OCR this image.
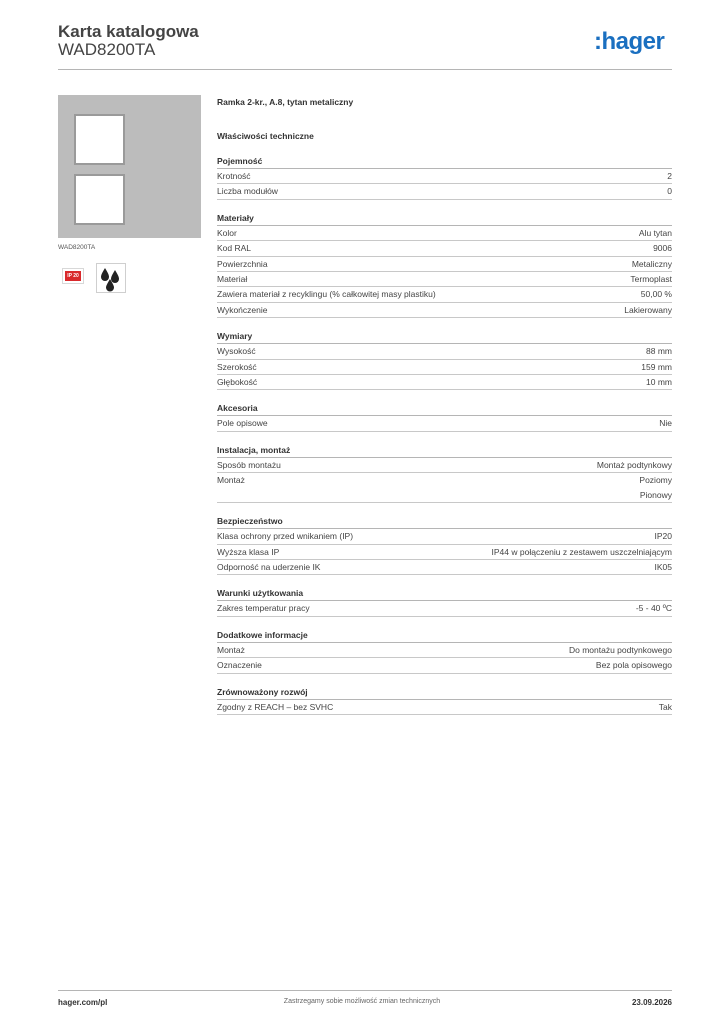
Karta katalogowa
WAD8200TA	:hager
WAD8200TA
IP 20
Ramka 2-kr., A.8, tytan metaliczny
Właściwości techniczne
Pojemność
Krotność	2
Liczba modułów	0
Materiały
Kolor	Alu tytan
Kod RAL	9006
Powierzchnia	Metaliczny
Materiał	Termoplast
Zawiera materiał z recyklingu (% całkowitej masy plastiku)	50,00 %
Wykończenie	Lakierowany
Wymiary
Wysokość	88 mm
Szerokość	159 mm
Głębokość	10 mm
Akcesoria
Pole opisowe	Nie
Instalacja, montaż
Sposób montażu	Montaż podtynkowy
Montaż	Poziomy
Pionowy
Bezpieczeństwo
Klasa ochrony przed wnikaniem (IP)	IP20
Wyższa klasa IP	IP44 w połączeniu z zestawem uszczelniającym
Odporność na uderzenie IK	IK05
Warunki użytkowania
Zakres temperatur pracy	-5 - 40 ºC
Dodatkowe informacje
Montaż	Do montażu podtynkowego
Oznaczenie	Bez pola opisowego
Zrównoważony rozwój
Zgodny z REACH – bez SVHC	Tak
Zastrzegamy sobie możliwość zmian technicznych
hager.com/pl	23.09.2026
